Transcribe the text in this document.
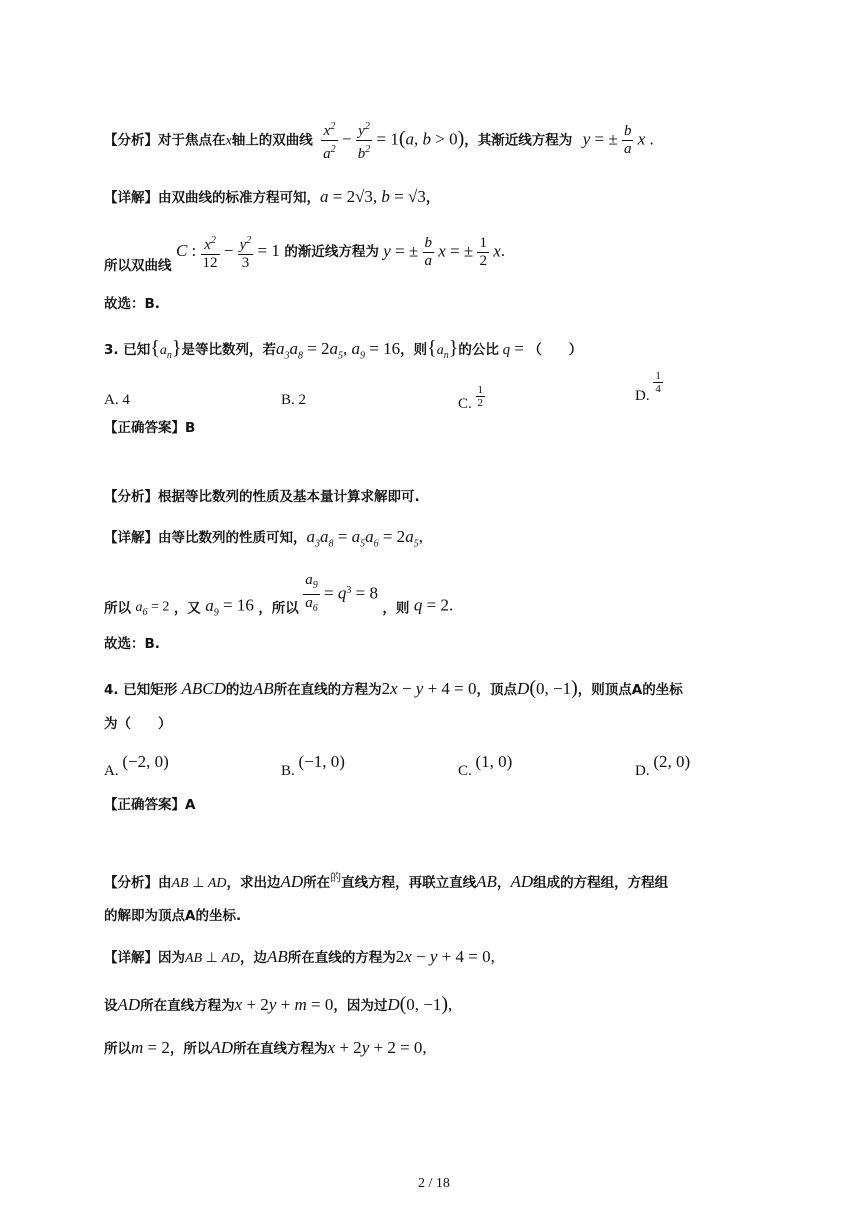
【分析】对于焦点在x轴上的双曲线 $\frac{x^2}{a^2} - \frac{y^2}{b^2} = 1(a$, b > 0)，其渐近线方程为 y = ± $\frac{b}{a}$ x .
【详解】由双曲线的标准方程可知，a = 2√3, b = √3，
所以双曲线 C : $\frac{x^2}{12} - \frac{y^2}{3} = 1$ 的渐近线方程为 y = ± $\frac{b}{a}$ x = ± $\frac{1}{2} x$.
故选：B.
3. 已知$\{a_n\}$是等比数列，若$a_3a_8 = 2a_5$, $a_9 = 16$，则$\{a_n\}$的公比 q = （　　）
A. 4	B. 2	C. $\frac{1}{2}$	D.
$\frac{1}{4}$
【正确答案】B
【分析】根据等比数列的性质及基本量计算求解即可.
【详解】由等比数列的性质可知，$a_3a_8 = a_5a_6 = 2a_5$,
所以 $a_6 = 2$ ，又 $a_9 = 16$ ，所以 $\frac{a_9}{a_6} = q^3 = 8$ ，则 q = 2.
故选：B.
4. 已知矩形 ABCD的边AB所在直线的方程为2x − y + 4 = 0，顶点D(0, −1)，则顶点A的坐标
为（　　）
A. (−2, 0)	B. (−1, 0)	C. (1, 0)	D. (2, 0)
【正确答案】A
【分析】由AB ⊥ AD，求出边AD所在$^的$直线方程，再联立直线AB，AD组成的方程组，方程组
的解即为顶点A的坐标.
【详解】因为AB ⊥ AD，边AB所在直线的方程为2x − y + 4 = 0,
设AD所在直线方程为x + 2y + m = 0，因为过D(0, −1),
所以m = 2，所以AD所在直线方程为x + 2y + 2 = 0,
2 / 18
